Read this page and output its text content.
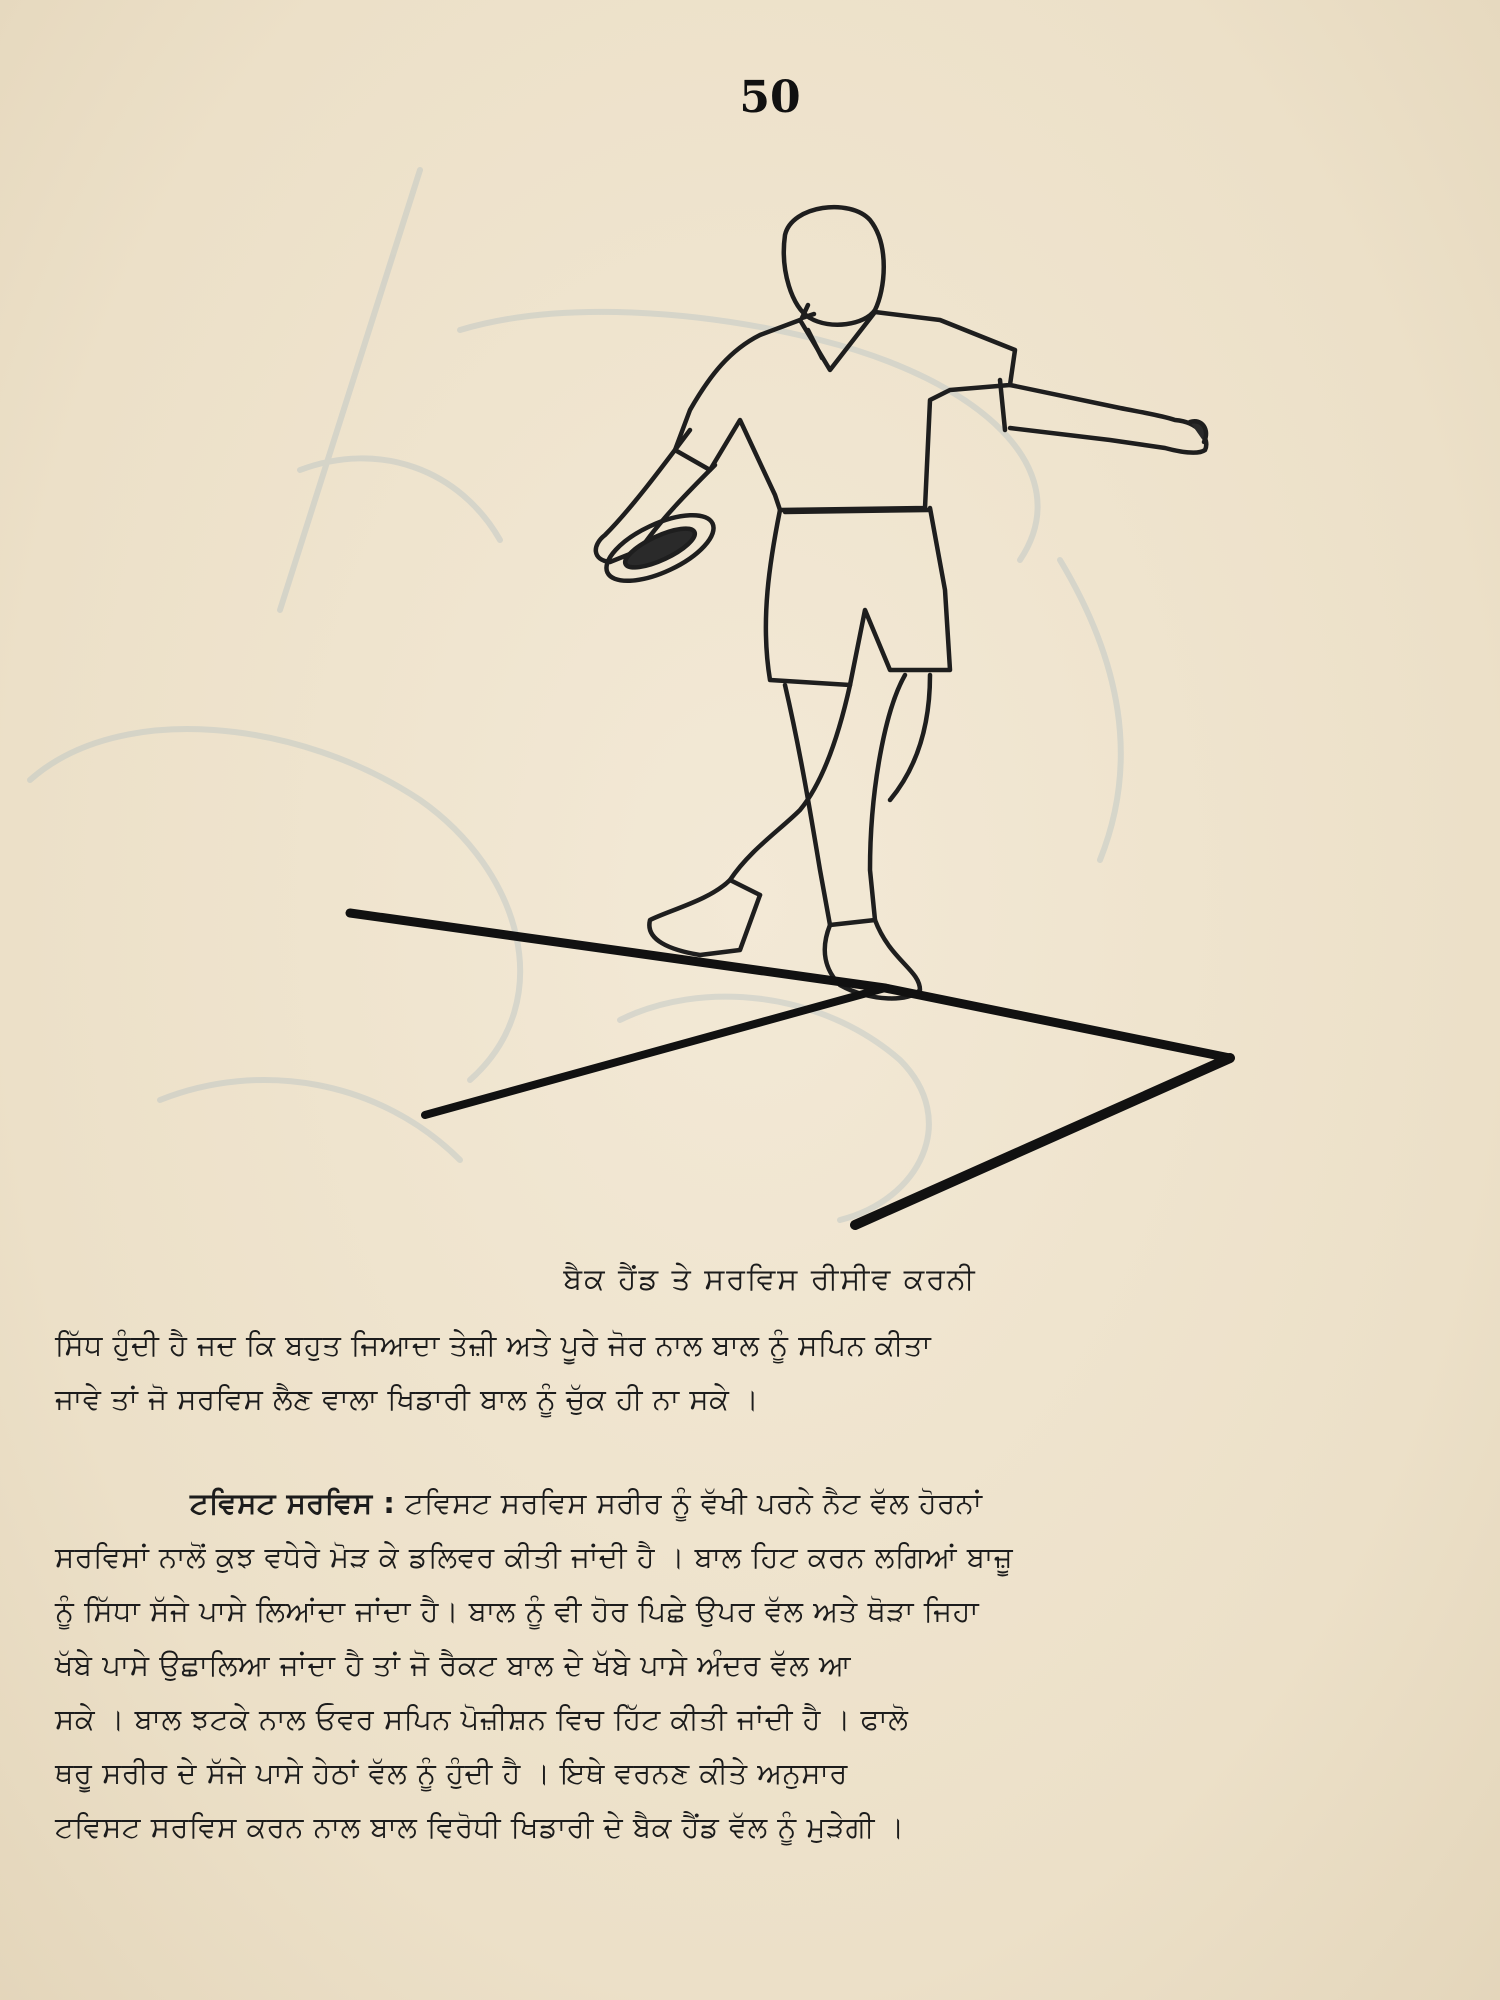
50
ਬੈਕ ਹੈਂਡ ਤੇ ਸਰਵਿਸ ਰੀਸੀਵ ਕਰਨੀ

ਸਿੱਧ ਹੁੰਦੀ ਹੈ ਜਦ ਕਿ ਬਹੁਤ ਜਿਆਦਾ ਤੇਜ਼ੀ ਅਤੇ ਪੂਰੇ ਜੋਰ ਨਾਲ ਬਾਲ ਨੂੰ ਸਪਿਨ ਕੀਤਾ

ਜਾਵੇ ਤਾਂ ਜੋ ਸਰਵਿਸ ਲੈਣ ਵਾਲਾ ਖਿਡਾਰੀ ਬਾਲ ਨੂੰ ਚੁੱਕ ਹੀ ਨਾ ਸਕੇ ।

ਟਵਿਸਟ ਸਰਵਿਸ : ਟਵਿਸਟ ਸਰਵਿਸ ਸਰੀਰ ਨੂੰ ਵੱਖੀ ਪਰਨੇ ਨੈਟ ਵੱਲ ਹੋਰਨਾਂ

ਸਰਵਿਸਾਂ ਨਾਲੋਂ ਕੁਝ ਵਧੇਰੇ ਮੋੜ ਕੇ ਡਲਿਵਰ ਕੀਤੀ ਜਾਂਦੀ ਹੈ । ਬਾਲ ਹਿਟ ਕਰਨ ਲਗਿਆਂ ਬਾਜ਼ੂ

ਨੂੰ ਸਿੱਧਾ ਸੱਜੇ ਪਾਸੇ ਲਿਆਂਦਾ ਜਾਂਦਾ ਹੈ। ਬਾਲ ਨੂੰ ਵੀ ਹੋਰ ਪਿਛੇ ਉਪਰ ਵੱਲ ਅਤੇ ਥੋੜਾ ਜਿਹਾ

ਖੱਬੇ ਪਾਸੇ ਉਛਾਲਿਆ ਜਾਂਦਾ ਹੈ ਤਾਂ ਜੋ ਰੈਕਟ ਬਾਲ ਦੇ ਖੱਬੇ ਪਾਸੇ ਅੰਦਰ ਵੱਲ ਆ

ਸਕੇ । ਬਾਲ ਝਟਕੇ ਨਾਲ ਓਵਰ ਸਪਿਨ ਪੋਜ਼ੀਸ਼ਨ ਵਿਚ ਹਿੱਟ ਕੀਤੀ ਜਾਂਦੀ ਹੈ । ਫਾਲੋ

ਥਰੂ ਸਰੀਰ ਦੇ ਸੱਜੇ ਪਾਸੇ ਹੇਠਾਂ ਵੱਲ ਨੂੰ ਹੁੰਦੀ ਹੈ । ਇਥੇ ਵਰਨਣ ਕੀਤੇ ਅਨੁਸਾਰ

ਟਵਿਸਟ ਸਰਵਿਸ ਕਰਨ ਨਾਲ ਬਾਲ ਵਿਰੋਧੀ ਖਿਡਾਰੀ ਦੇ ਬੈਕ ਹੈਂਡ ਵੱਲ ਨੂੰ ਮੁੜੇਗੀ ।
